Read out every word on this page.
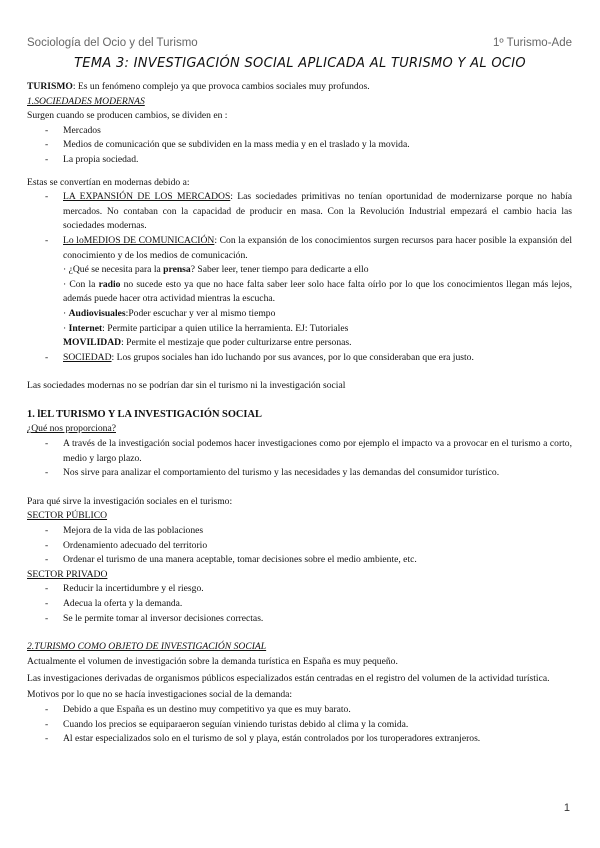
Sociología del Ocio y del Turismo	1º Turismo-Ade
TEMA 3: INVESTIGACIÓN SOCIAL APLICADA AL TURISMO Y AL OCIO

TURISMO: Es un fenómeno complejo ya que provoca cambios sociales muy profundos.

1.SOCIEDADES MODERNAS

Surgen cuando se producen cambios, se dividen en :

- Mercados
- Medios de comunicación que se subdividen en la mass media y en el traslado y la movida.
- La propia sociedad.

Estas se convertían en modernas debido a:

- LA EXPANSIÓN DE LOS MERCADOS: Las sociedades primitivas no tenían oportunidad de modernizarse porque no había mercados. No contaban con la capacidad de producir en masa. Con la Revolución Industrial empezará el cambio hacia las sociedades modernas.
- Lo loMEDIOS DE COMUNICACIÓN: Con la expansión de los conocimientos surgen recursos para hacer posible la expansión del conocimiento y de los medios de comunicación.
· ¿Qué se necesita para la prensa? Saber leer, tener tiempo para dedicarte a ello
· Con la radio no sucede esto ya que no hace falta saber leer solo hace falta oírlo por lo que los conocimientos llegan más lejos, además puede hacer otra actividad mientras la escucha.
· Audiovisuales:Poder escuchar y ver al mismo tiempo
· Internet: Permite participar a quien utilice la herramienta. EJ: Tutoriales
MOVILIDAD: Permite el mestizaje que poder culturizarse entre personas.
- SOCIEDAD: Los grupos sociales han ido luchando por sus avances, por lo que consideraban que era justo.

Las sociedades modernas no se podrían dar sin el turismo ni la investigación social

1. lEL TURISMO Y LA INVESTIGACIÓN SOCIAL

¿Qué nos proporciona?

- A través de la investigación social podemos hacer investigaciones como por ejemplo el impacto va a provocar en el turismo a corto, medio y largo plazo.
- Nos sirve para analizar el comportamiento del turismo y las necesidades y las demandas del consumidor turístico.

Para qué sirve la investigación sociales en el turismo:

SECTOR PÚBLICO

- Mejora de la vida de las poblaciones
- Ordenamiento adecuado del territorio
- Ordenar el turismo de una manera aceptable, tomar decisiones sobre el medio ambiente, etc.

SECTOR PRIVADO

- Reducir la incertidumbre y el riesgo.
- Adecua la oferta y la demanda.
- Se le permite tomar al inversor decisiones correctas.

2.TURISMO COMO OBJETO DE INVESTIGACIÓN SOCIAL

Actualmente el volumen de investigación sobre la demanda turística en España es muy pequeño.

Las investigaciones derivadas de organismos públicos especializados están centradas en el registro del volumen de la actividad turística.

Motivos por lo que no se hacía investigaciones social de la demanda:

- Debido a que España es un destino muy competitivo ya que es muy barato.
- Cuando los precios se equiparaeron seguían viniendo turistas debido al clima y la comida.
- Al estar especializados solo en el turismo de sol y playa, están controlados por los turoperadores extranjeros.
1
